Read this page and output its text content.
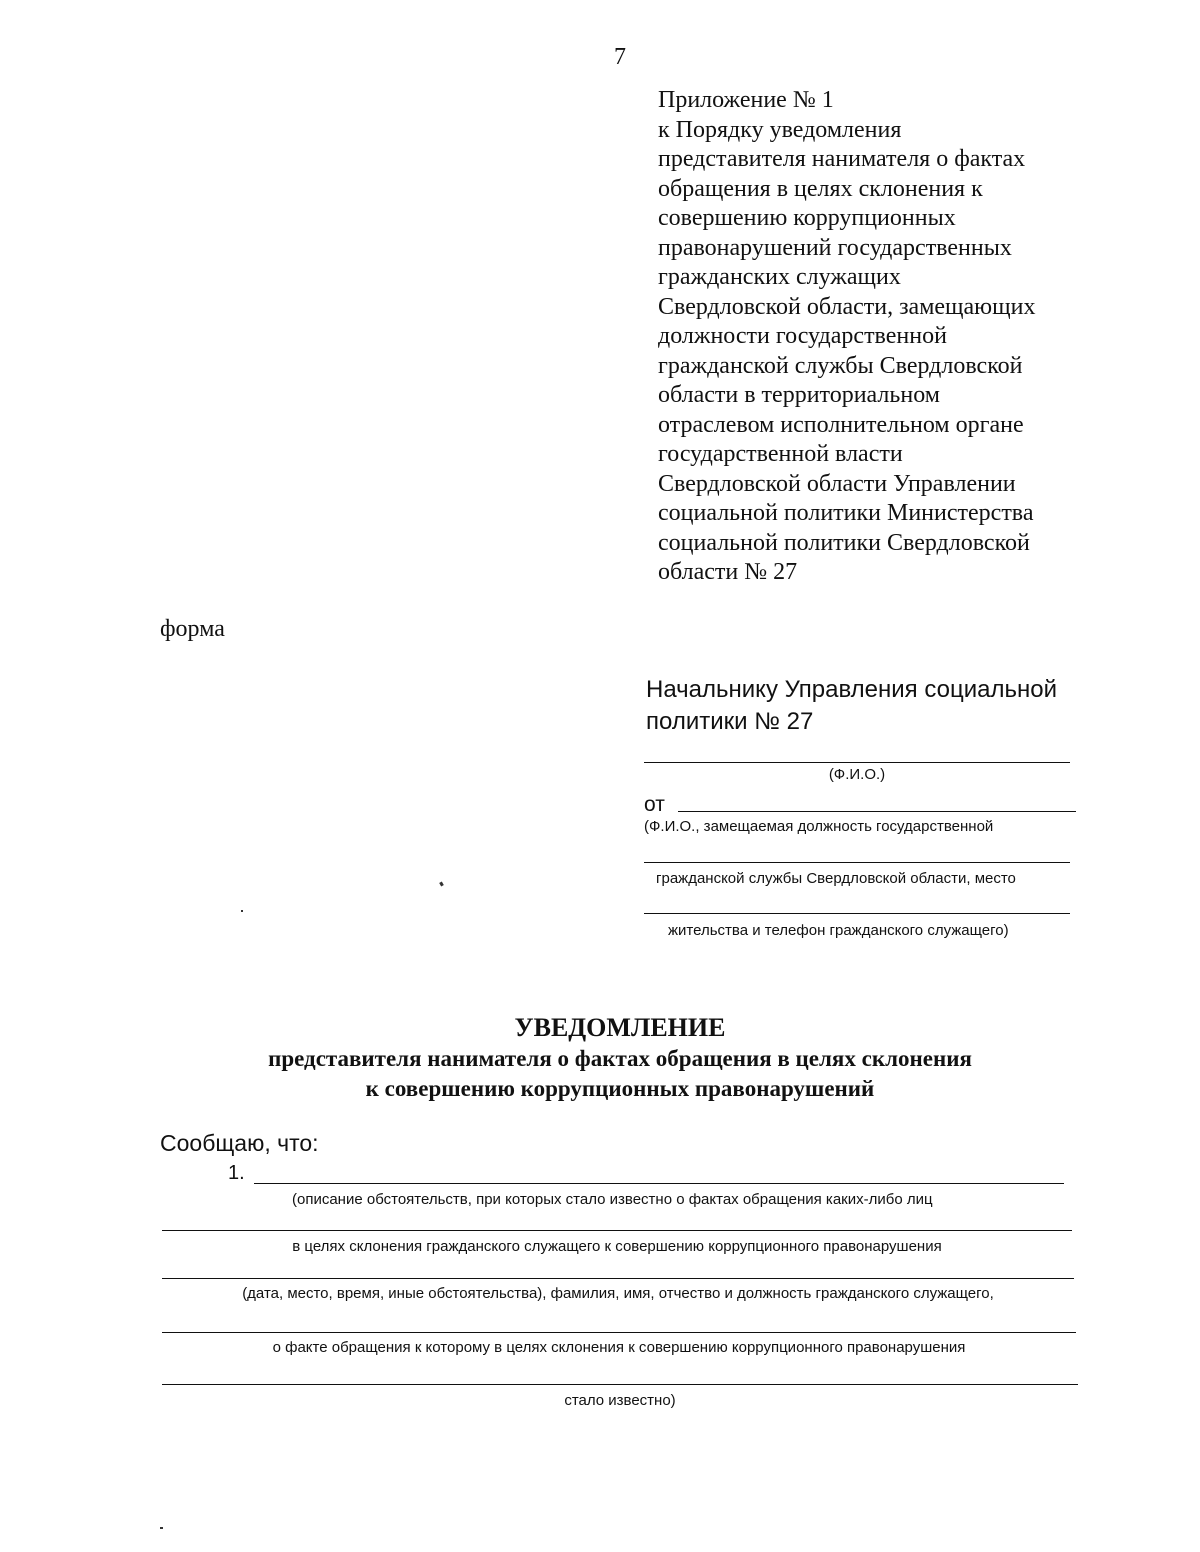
7
Приложение № 1
к Порядку уведомления
представителя нанимателя о фактах
обращения в целях склонения к
совершению коррупционных
правонарушений государственных
гражданских служащих
Свердловской области, замещающих
должности государственной
гражданской службы Свердловской
области в территориальном
отраслевом исполнительном органе
государственной власти
Свердловской области Управлении
социальной политики Министерства
социальной политики Свердловской
области № 27
форма
Начальнику Управления социальной
политики № 27
(Ф.И.О.)
от
(Ф.И.О., замещаемая должность государственной
гражданской службы Свердловской области, место
жительства и телефон гражданского служащего)
УВЕДОМЛЕНИЕ
представителя нанимателя о фактах обращения в целях склонения
к совершению коррупционных правонарушений
Сообщаю, что:
1.
(описание обстоятельств, при которых стало известно о фактах обращения каких-либо лиц
в целях склонения гражданского служащего к совершению коррупционного правонарушения
(дата, место, время, иные обстоятельства), фамилия, имя, отчество и должность гражданского служащего,
о факте обращения к которому в целях склонения к совершению коррупционного правонарушения
стало известно)
